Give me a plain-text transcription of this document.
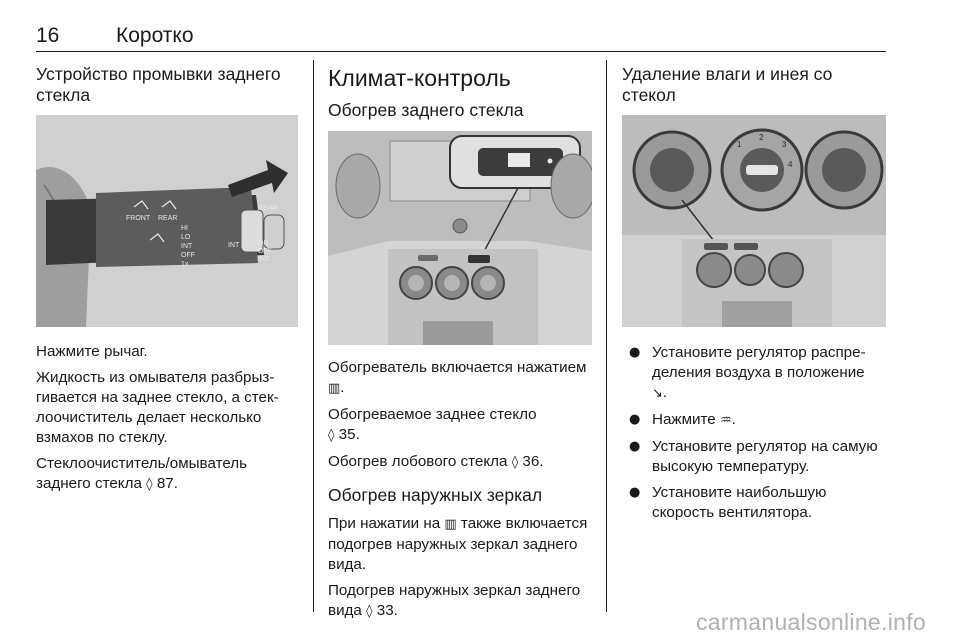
16	Коротко
Устройство промывки заднего стекла
FRONT REAR
HI
LO
INT
OFF
1x
INT
REAR
ON
OFF
INT

Нажмите рычаг.

Жидкость из омывателя разбрызгивается на заднее стекло, а стеклоочиститель делает несколько взмахов по стеклу.

Стеклоочиститель/омыватель заднего стекла ◊ 87.

Климат-контроль
Обогрев заднего стекла

Обогреватель включается нажатием ▥.

Обогреваемое заднее стекло
◊ 35.

Обогрев лобового стекла ◊ 36.

Обогрев наружных зеркал

При нажатии на ▥ также включается подогрев наружных зеркал заднего вида.

Подогрев наружных зеркал заднего вида ◊ 33.

Удаление влаги и инея со стекол
1
2
3
4
● Установите регулятор распределения воздуха в положение
↘.
● Нажмите ♒.
● Установите регулятор на самую высокую температуру.
● Установите наибольшую скорость вентилятора.
carmanualsonline.info
